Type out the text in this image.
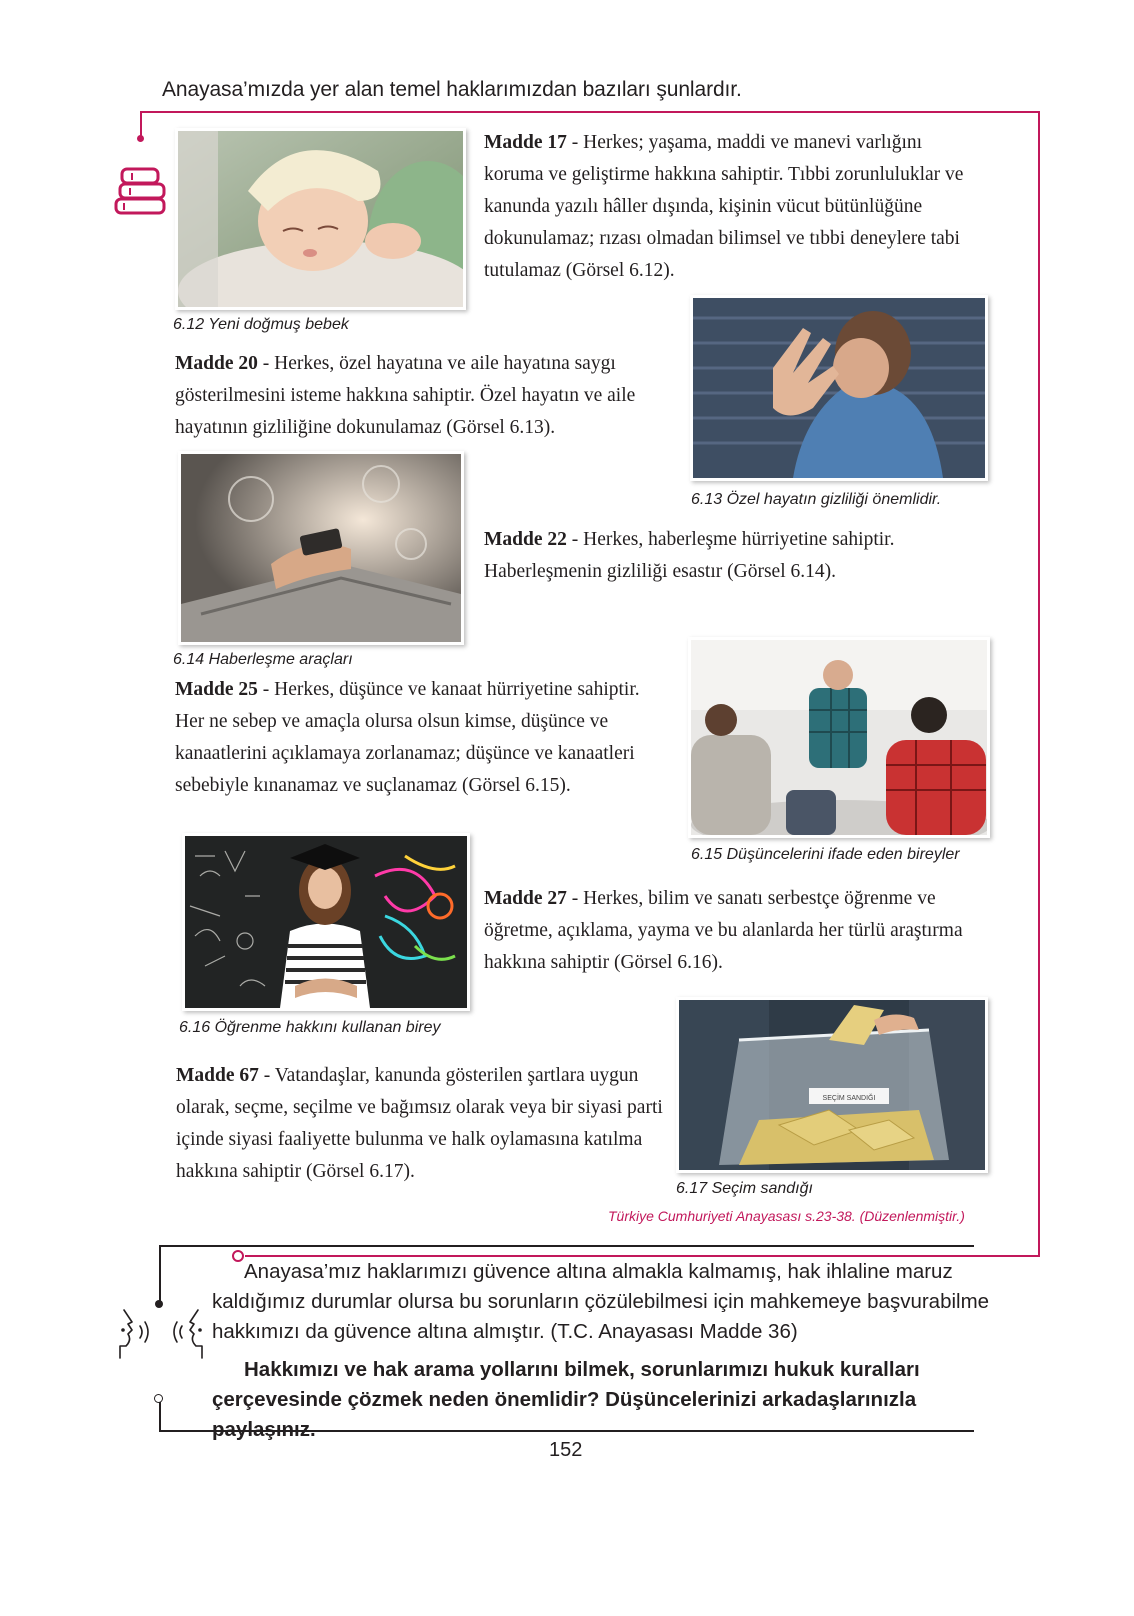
Anayasa’mızda yer alan temel haklarımızdan bazıları şunlardır.
Madde 17 - Herkes; yaşama, maddi ve manevi varlığını koruma ve geliştirme hakkına sahiptir. Tıbbi zorunluluklar ve kanunda yazılı hâller dışında, kişinin vücut bütünlüğüne dokunulamaz; rızası olmadan bilimsel ve tıbbi deneylere tabi tutulamaz (Görsel 6.12).
6.12 Yeni doğmuş bebek
Madde 20 - Herkes, özel hayatına ve aile hayatına saygı gösterilmesini isteme hakkına sahiptir. Özel hayatın ve aile hayatının gizliliğine dokunulamaz (Görsel 6.13).
6.13 Özel hayatın gizliliği önemlidir.
Madde 22 - Herkes, haberleşme hürriyetine sahiptir. Haberleşmenin gizliliği esastır (Görsel 6.14).
6.14 Haberleşme araçları
Madde 25 - Herkes, düşünce ve kanaat hürriyetine sahiptir. Her ne sebep ve amaçla olursa olsun kimse, düşünce ve kanaatlerini açıklamaya zorlanamaz; düşünce ve kanaatleri sebebiyle kınanamaz ve suçlanamaz (Görsel 6.15).
6.15 Düşüncelerini ifade eden bireyler
Madde 27 - Herkes, bilim ve sanatı serbestçe öğrenme ve öğretme, açıklama, yayma ve bu alanlarda her türlü araştırma hakkına sahiptir (Görsel 6.16).
6.16 Öğrenme hakkını kullanan birey
SEÇİM SANDIĞI
Madde 67 - Vatandaşlar, kanunda gösterilen şartlara uygun olarak, seçme, seçilme ve bağımsız olarak veya bir siyasi parti içinde siyasi faaliyette bulunma ve halk oylamasına katılma hakkına sahiptir (Görsel 6.17).
6.17 Seçim sandığı
Türkiye Cumhuriyeti Anayasası s.23-38. (Düzenlenmiştir.)
Anayasa’mız haklarımızı güvence altına almakla kalmamış, hak ihlaline maruz kaldığımız durumlar olursa bu sorunların çözülebilmesi için mahkemeye başvurabilme hakkımızı da güvence altına almıştır. (T.C. Anayasası Madde 36)
Hakkımızı ve hak arama yollarını bilmek, sorunlarımızı hukuk kuralları çerçevesinde çözmek neden önemlidir? Düşüncelerinizi arkadaşlarınızla paylaşınız.
152
